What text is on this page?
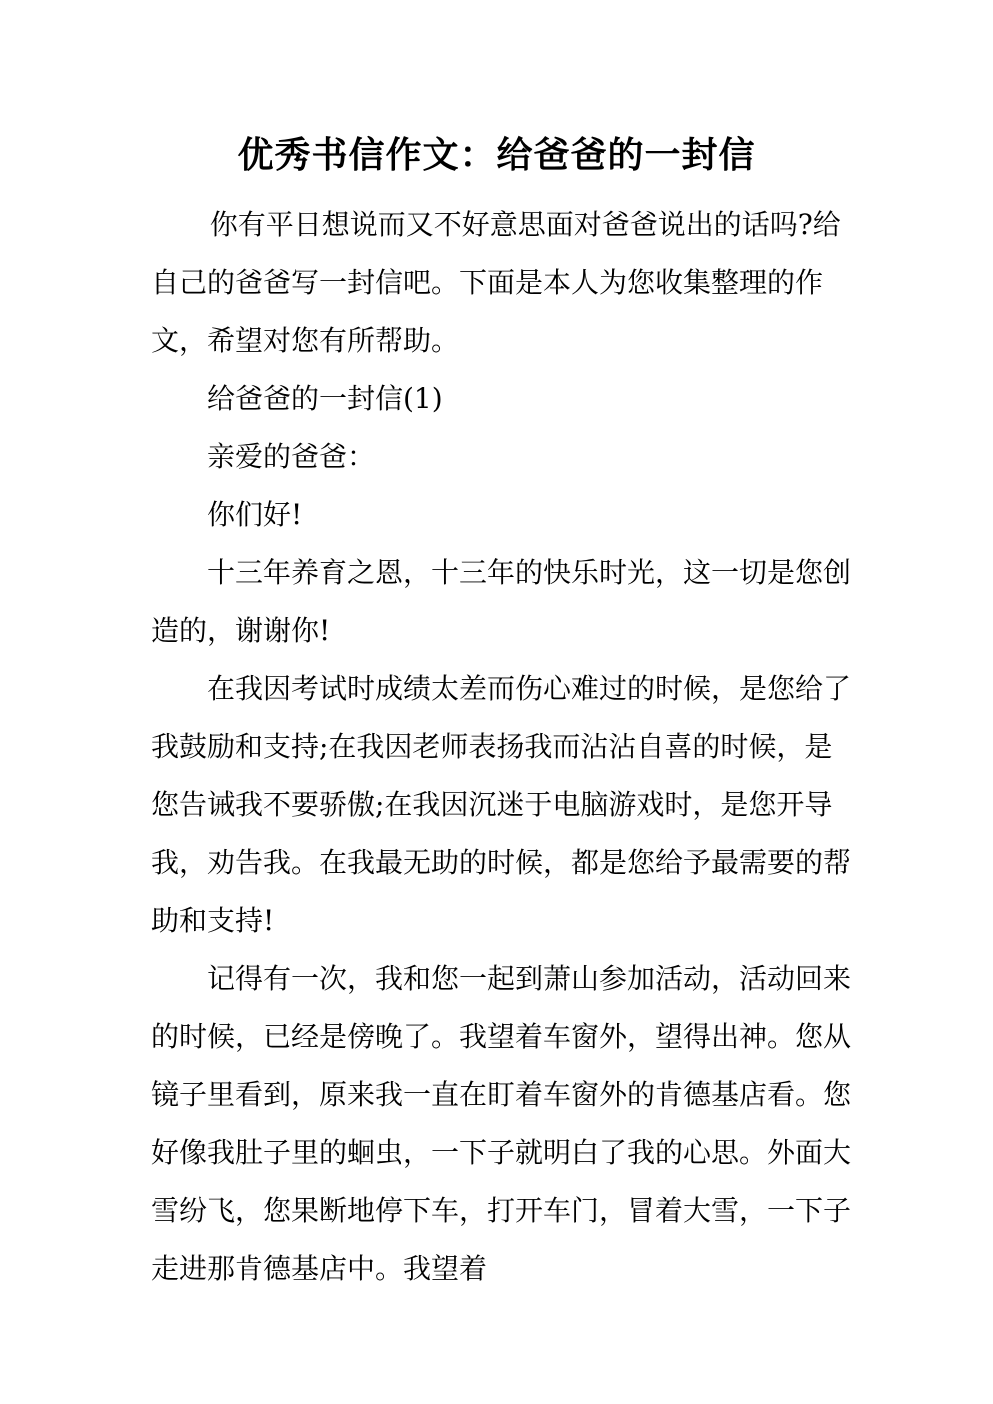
优秀书信作文：给爸爸的一封信

你有平日想说而又不好意思面对爸爸说出的话吗?给自己的爸爸写一封信吧。下面是本人为您收集整理的作文，希望对您有所帮助。

给爸爸的一封信(1)

亲爱的爸爸：

你们好!

十三年养育之恩，十三年的快乐时光，这一切是您创造的，谢谢你!

在我因考试时成绩太差而伤心难过的时候，是您给了我鼓励和支持;在我因老师表扬我而沾沾自喜的时候，是您告诫我不要骄傲;在我因沉迷于电脑游戏时，是您开导我，劝告我。在我最无助的时候，都是您给予最需要的帮助和支持!

记得有一次，我和您一起到萧山参加活动，活动回来的时候，已经是傍晚了。我望着车窗外，望得出神。您从镜子里看到，原来我一直在盯着车窗外的肯德基店看。您好像我肚子里的蛔虫，一下子就明白了我的心思。外面大雪纷飞，您果断地停下车，打开车门，冒着大雪，一下子走进那肯德基店中。我望着
